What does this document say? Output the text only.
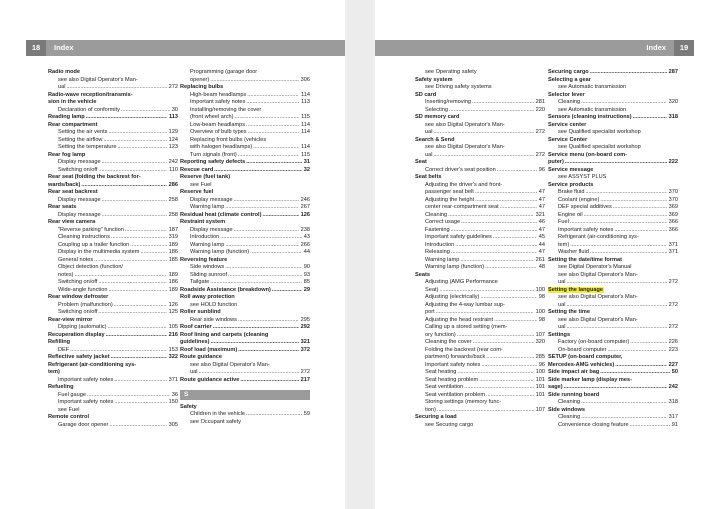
18	Index
Radio mode
see also Digital Operator's Man-
ual	272
.....
Radio-wave reception/transmis-
sion in the vehicle
Declaration of conformity	30
.....
Reading lamp	113
.....
Rear compartment
Setting the air vents	129
.....
Setting the airflow	124
.....
Setting the temperature	123
.....
Rear fog lamp
Display message	242
.....
Switching on/off	110
.....
Rear seat (folding the backrest for-
wards/back)	286
.....
Rear seat backrest
Display message	258
.....
Rear seats
Display message	258
.....
Rear view camera
"Reverse parking" function	187
.....
Cleaning instructions	319
.....
Coupling up a trailer function	189
.....
Display in the multimedia system	186
.....
General notes	185
.....
Object detection (function/
notes)	189
.....
Switching on/off	186
.....
Wide-angle function	189
.....
Rear window defroster
Problem (malfunction)	126
.....
Switching on/off	125
.....
Rear-view mirror
Dipping (automatic)	105
.....
Recuperation display	216
.....
Refilling
DEF	153
.....
Reflective safety jacket	322
.....
Refrigerant (air-conditioning sys-
tem)
Important safety notes	371
.....
Refueling
Fuel gauge	36
.....
Important safety notes	150
.....
see Fuel
Remote control
Garage door opener	305
.....
Programming (garage door
opener)	306
.....
Replacing bulbs
High-beam headlamps	114
.....
Important safety notes	113
.....
Installing/removing the cover
(front wheel arch)	115
.....
Low-beam headlamps	114
.....
Overview of bulb types	114
.....
Replacing front bulbs (vehicles
with halogen headlamps)	114
.....
Turn signals (front)	115
.....
Reporting safety defects	31
.....
Rescue card	32
.....
Reserve (fuel tank)
see Fuel
Reserve fuel
Display message	246
.....
Warning lamp	267
.....
Residual heat (climate control)	126
.....
Restraint system
Display message	238
.....
Introduction	43
.....
Warning lamp	266
.....
Warning lamp (function)	44
.....
Reversing feature
Side windows	90
.....
Sliding sunroof	93
.....
Tailgate	85
.....
Roadside Assistance (breakdown)	29
.....
Roll away protection
see HOLD function
Roller sunblind
Rear side windows	295
.....
Roof carrier	292
.....
Roof lining and carpets (cleaning
guidelines)	321
.....
Roof load (maximum)	372
.....
Route guidance
see also Digital Operator's Man-
ual	272
.....
Route guidance active	217
.....
S
Safety
Children in the vehicle	59
.....
see Occupant safety
Index	19
see Operating safety
Safety system
see Driving safety systems
SD card
Inserting/removing	281
.....
Selecting	220
.....
SD memory card
see also Digital Operator's Man-
ual	272
.....
Search & Send
see also Digital Operator's Man-
ual	272
.....
Seat
Correct driver's seat position	96
.....
Seat belts
Adjusting the driver's and front-
passenger seat belt	47
.....
Adjusting the height	47
.....
center rear-compartment seat	47
.....
Cleaning	321
.....
Correct usage	46
.....
Fastening	47
.....
Important safety guidelines	45
.....
Introduction	44
.....
Releasing	47
.....
Warning lamp	261
.....
Warning lamp (function)	48
.....
Seats
Adjusting (AMG Performance
Seat)	100
.....
Adjusting (electrically)	98
.....
Adjusting the 4-way lumbar sup-
port	100
.....
Adjusting the head restraint	98
.....
Calling up a stored setting (mem-
ory function)	107
.....
Cleaning the cover	320
.....
Folding the backrest (rear com-
partment) forwards/back	285
.....
Important safety notes	96
.....
Seat heating	100
.....
Seat heating problem	101
.....
Seat ventilation	101
.....
Seat ventilation problem	101
.....
Storing settings (memory func-
tion)	107
.....
Securing a load
see Securing cargo
Securing cargo	287
.....
Selecting a gear
see Automatic transmission
Selector lever
Cleaning	320
.....
see Automatic transmission
Sensors (cleaning instructions)	318
.....
Service center
see Qualified specialist workshop
Service Center
see Qualified specialist workshop
Service menu (on-board com-
puter)	222
.....
Service message
see ASSYST PLUS
Service products
Brake fluid	370
.....
Coolant (engine)	370
.....
DEF special additives	369
.....
Engine oil	369
.....
Fuel	366
.....
Important safety notes	366
.....
Refrigerant (air-conditioning sys-
tem)	371
.....
Washer fluid	371
.....
Setting the date/time format
see Digital Operator's Manual
see also Digital Operator's Man-
ual	272
.....
Setting the language
see also Digital Operator's Man-
ual	272
.....
Setting the time
see also Digital Operator's Man-
ual	272
.....
Settings
Factory (on-board computer)	226
.....
On-board computer	223
.....
SETUP (on-board computer,
Mercedes-AMG vehicles)	227
.....
Side impact air bag	50
.....
Side marker lamp (display mes-
sage)	242
.....
Side running board
Cleaning	318
.....
Side windows
Cleaning	317
.....
Convenience closing feature	91
.....
